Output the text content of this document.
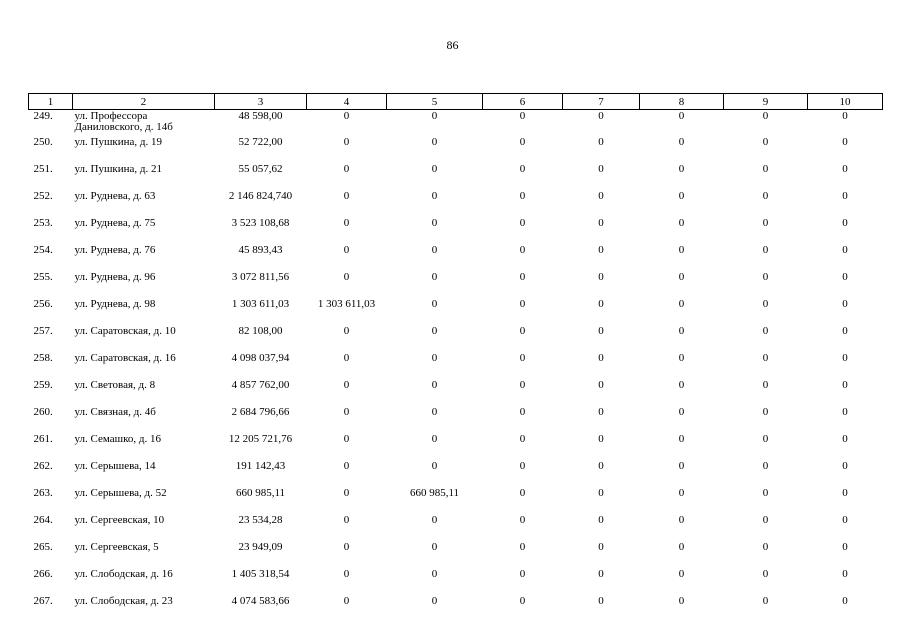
86
1	2	3	4	5	6	7	8	9	10
249.	ул. Профессора Даниловского, д. 14б	48 598,00	0	0	0	0	0	0	0
250.	ул. Пушкина, д. 19	52 722,00	0	0	0	0	0	0	0
251.	ул. Пушкина, д. 21	55 057,62	0	0	0	0	0	0	0
252.	ул. Руднева, д. 63	2 146 824,740	0	0	0	0	0	0	0
253.	ул. Руднева, д. 75	3 523 108,68	0	0	0	0	0	0	0
254.	ул. Руднева, д. 76	45 893,43	0	0	0	0	0	0	0
255.	ул. Руднева, д. 96	3 072 811,56	0	0	0	0	0	0	0
256.	ул. Руднева, д. 98	1 303 611,03	1 303 611,03	0	0	0	0	0	0
257.	ул. Саратовская, д. 10	82 108,00	0	0	0	0	0	0	0
258.	ул. Саратовская, д. 16	4 098 037,94	0	0	0	0	0	0	0
259.	ул. Световая, д. 8	4 857 762,00	0	0	0	0	0	0	0
260.	ул. Связная, д. 4б	2 684 796,66	0	0	0	0	0	0	0
261.	ул. Семашко, д. 16	12 205 721,76	0	0	0	0	0	0	0
262.	ул. Серышева, 14	191 142,43	0	0	0	0	0	0	0
263.	ул. Серышева, д. 52	660 985,11	0	660 985,11	0	0	0	0	0
264.	ул. Сергеевская, 10	23 534,28	0	0	0	0	0	0	0
265.	ул. Сергеевская, 5	23 949,09	0	0	0	0	0	0	0
266.	ул. Слободская, д. 16	1 405 318,54	0	0	0	0	0	0	0
267.	ул. Слободская, д. 23	4 074 583,66	0	0	0	0	0	0	0
